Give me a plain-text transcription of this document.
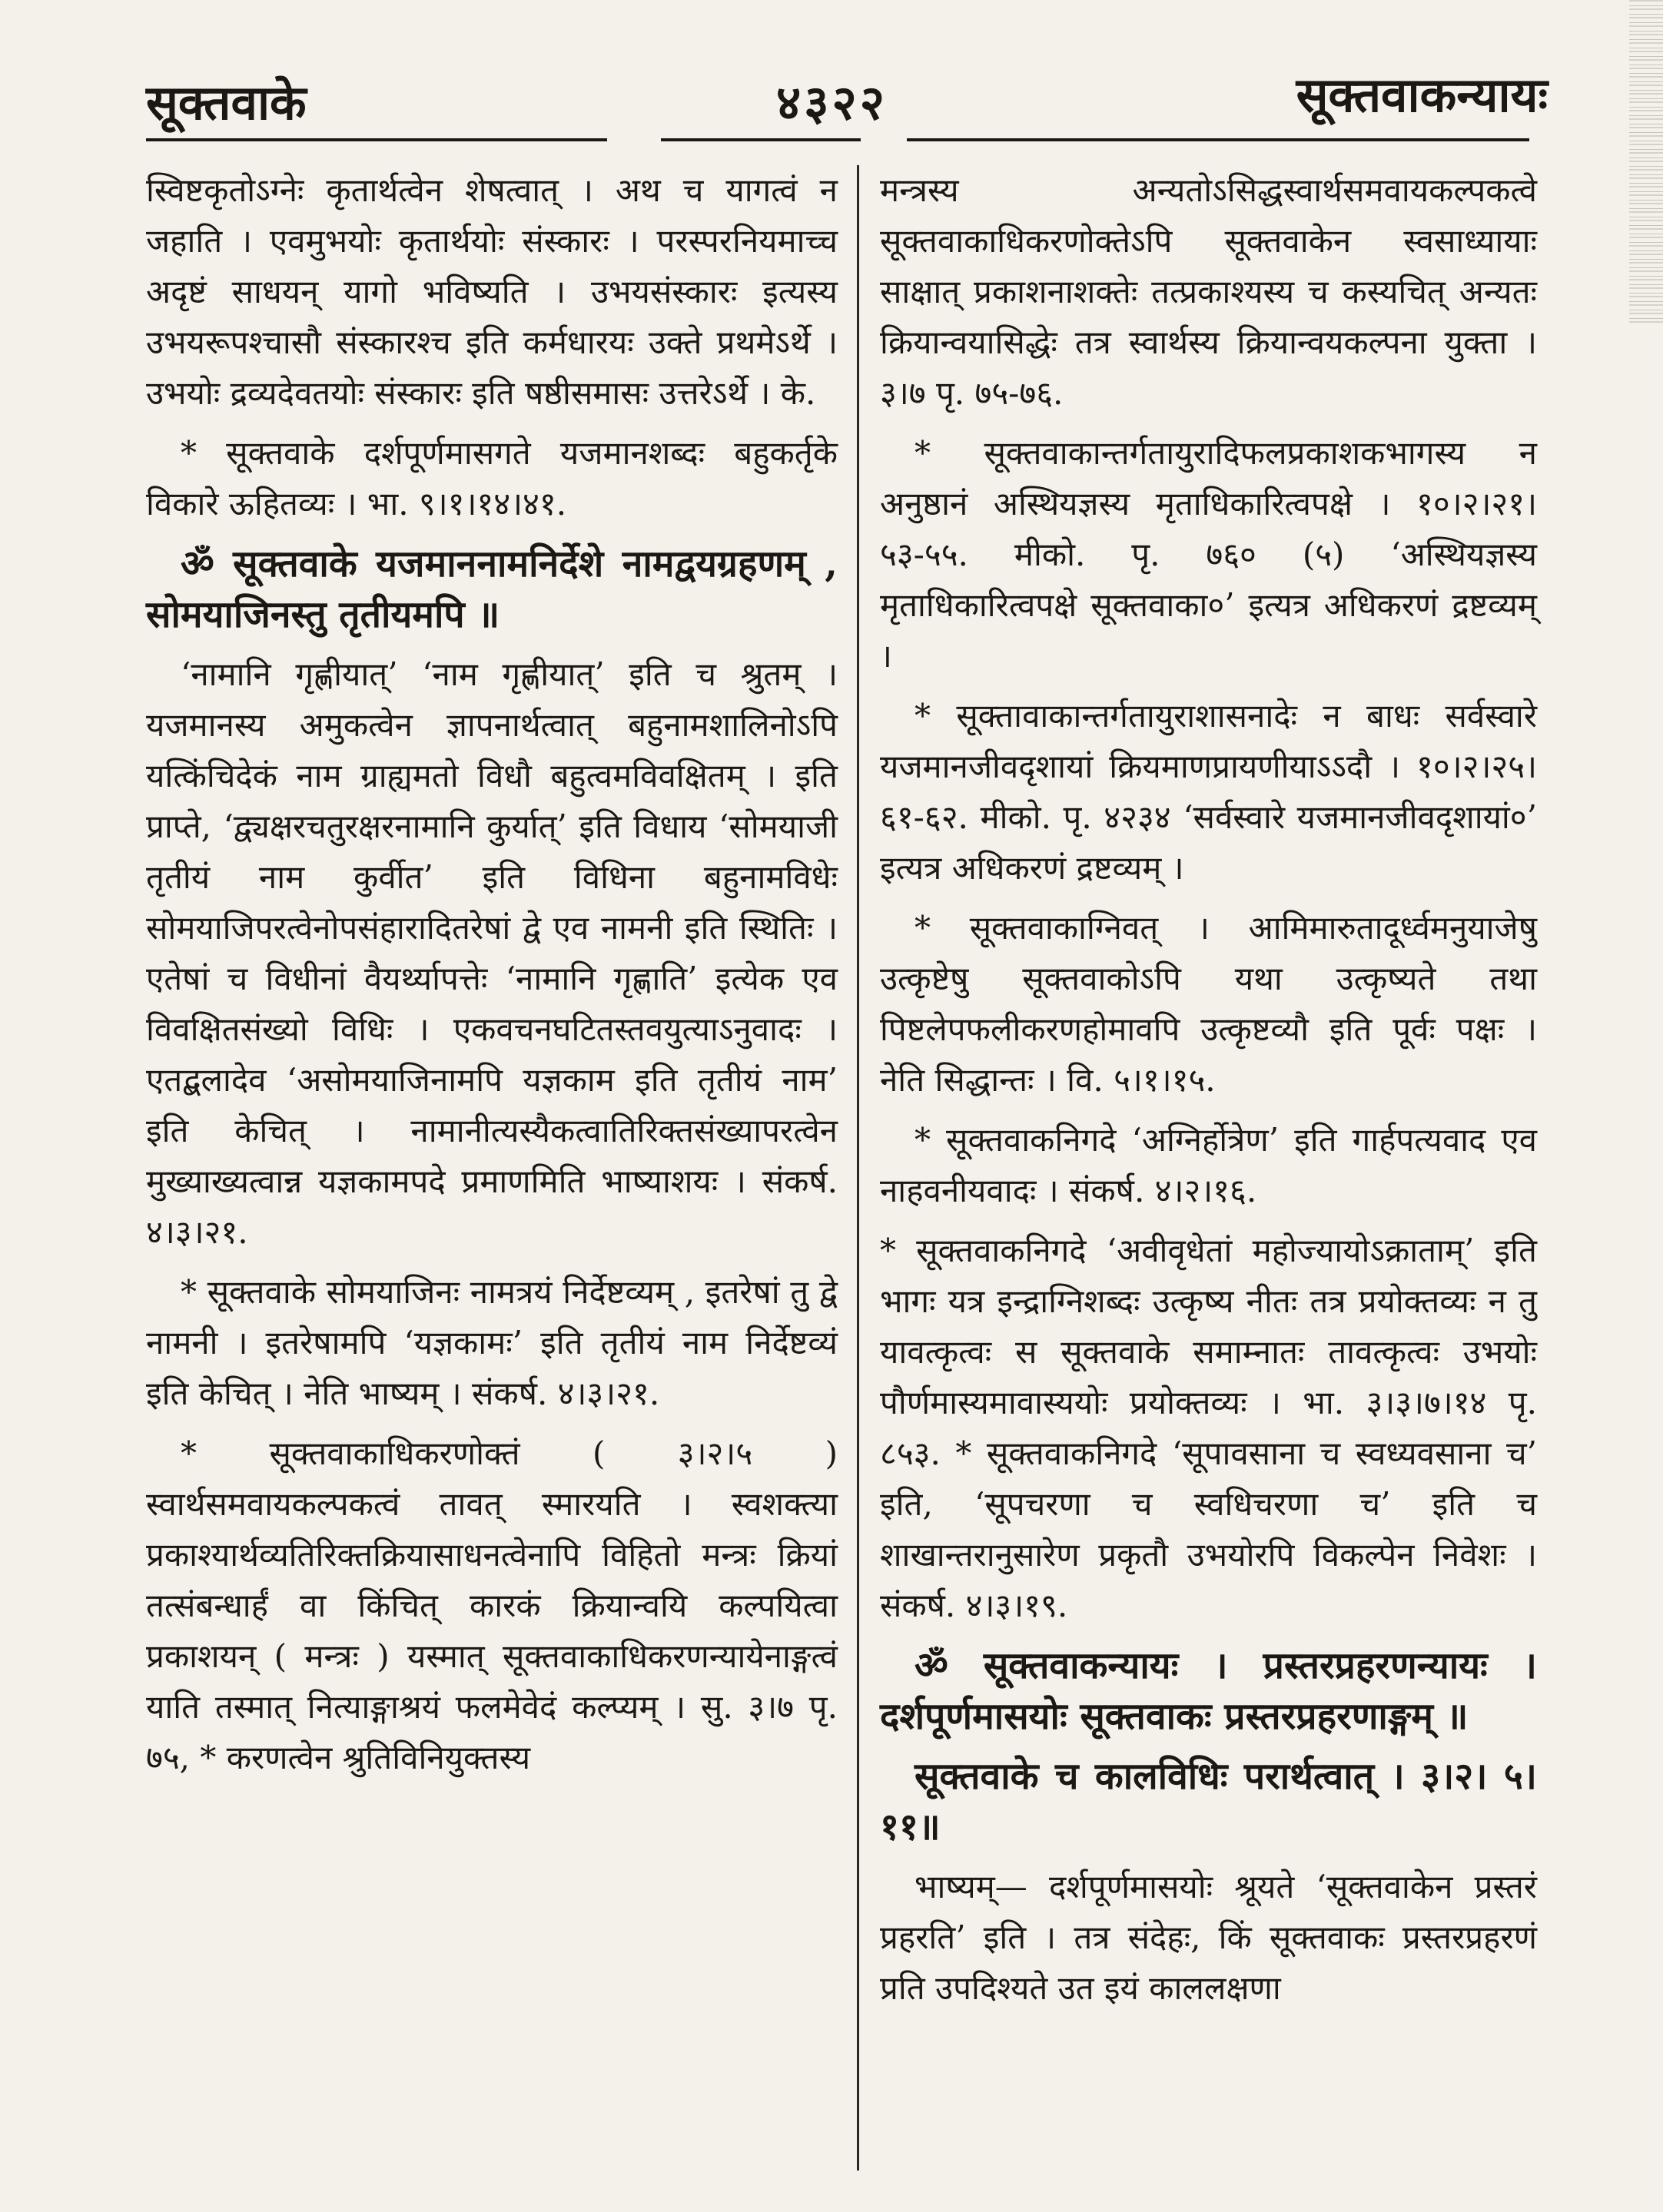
सूक्तवाके	४३२२	सूक्तवाकन्यायः

स्विष्टकृतोऽग्नेः कृतार्थत्वेन शेषत्वात् । अथ च यागत्वं न जहाति । एवमुभयोः कृतार्थयोः संस्कारः । परस्परनियमाच्च अदृष्टं साधयन् यागो भविष्यति । उभयसंस्कारः इत्यस्य उभयरूपश्चासौ संस्कारश्च इति कर्मधारयः उक्ते प्रथमेऽर्थे । उभयोः द्रव्यदेवतयोः संस्कारः इति षष्ठीसमासः उत्तरेऽर्थे । के.

* सूक्तवाके दर्शपूर्णमासगते यजमानशब्दः बहुकर्तृके विकारे ऊहितव्यः । भा. ९।१।१४।४१.

ॐ सूक्तवाके यजमाननामनिर्देशे नामद्वयग्रहणम् , सोमयाजिनस्तु तृतीयमपि ॥

‘नामानि गृह्णीयात्’ ‘नाम गृह्णीयात्’ इति च श्रुतम् । यजमानस्य अमुकत्वेन ज्ञापनार्थत्वात् बहुनामशालिनोऽपि यत्किंचिदेकं नाम ग्राह्यमतो विधौ बहुत्वमविवक्षितम् । इति प्राप्ते, ‘द्व्यक्षरचतुरक्षरनामानि कुर्यात्’ इति विधाय ‘सोमयाजी तृतीयं नाम कुर्वीत’ इति विधिना बहुनामविधेः सोमयाजिपरत्वेनोपसंहारादितरेषां द्वे एव नामनी इति स्थितिः । एतेषां च विधीनां वैयर्थ्यापत्तेः ‘नामानि गृह्णाति’ इत्येक एव विवक्षितसंख्यो विधिः । एकवचनघटितस्तवयुत्याऽनुवादः । एतद्बलादेव ‘असोमयाजिनामपि यज्ञकाम इति तृतीयं नाम’ इति केचित् । नामानीत्यस्यैकत्वातिरिक्तसंख्यापरत्वेन मुख्याख्यत्वान्न यज्ञकामपदे प्रमाणमिति भाष्याशयः । संकर्ष. ४।३।२१.

* सूक्तवाके सोमयाजिनः नामत्रयं निर्देष्टव्यम् , इतरेषां तु द्वे नामनी । इतरेषामपि ‘यज्ञकामः’ इति तृतीयं नाम निर्देष्टव्यं इति केचित् । नेति भाष्यम् । संकर्ष. ४।३।२१.

* सूक्तवाकाधिकरणोक्तं ( ३।२।५ ) स्वार्थसमवायकल्पकत्वं तावत् स्मारयति । स्वशक्त्या प्रकाश्यार्थव्यतिरिक्तक्रियासाधनत्वेनापि विहितो मन्त्रः क्रियां तत्संबन्धार्हं वा किंचित् कारकं क्रियान्वयि कल्पयित्वा प्रकाशयन् ( मन्त्रः ) यस्मात् सूक्तवाकाधिकरणन्यायेनाङ्गत्वं याति तस्मात् नित्याङ्गाश्रयं फलमेवेदं कल्प्यम् । सु. ३।७ पृ. ७५, * करणत्वेन श्रुतिविनियुक्तस्य

मन्त्रस्य अन्यतोऽसिद्धस्वार्थसमवायकल्पकत्वे सूक्तवाकाधिकरणोक्तेऽपि सूक्तवाकेन स्वसाध्यायाः साक्षात् प्रकाशनाशक्तेः तत्प्रकाश्यस्य च कस्यचित् अन्यतः क्रियान्वयासिद्धेः तत्र स्वार्थस्य क्रियान्वयकल्पना युक्ता । ३।७ पृ. ७५-७६.

* सूक्तवाकान्तर्गतायुरादिफलप्रकाशकभागस्य न अनुष्ठानं अस्थियज्ञस्य मृताधिकारित्वपक्षे । १०।२।२१। ५३-५५. मीको. पृ. ७६० (५) ‘अस्थियज्ञस्य मृताधिकारित्वपक्षे सूक्तवाका०’ इत्यत्र अधिकरणं द्रष्टव्यम् ।

* सूक्तावाकान्तर्गतायुराशासनादेः न बाधः सर्वस्वारे यजमानजीवदृशायां क्रियमाणप्रायणीयाऽऽदौ । १०।२।२५।६१-६२. मीको. पृ. ४२३४ ‘सर्वस्वारे यजमानजीवदृशायां०’ इत्यत्र अधिकरणं द्रष्टव्यम् ।

* सूक्तवाकाग्निवत् । आमिमारुतादूर्ध्वमनुयाजेषु उत्कृष्टेषु सूक्तवाकोऽपि यथा उत्कृष्यते तथा पिष्टलेपफलीकरणहोमावपि उत्कृष्टव्यौ इति पूर्वः पक्षः । नेति सिद्धान्तः । वि. ५।१।१५.

* सूक्तवाकनिगदे ‘अग्निर्होत्रेण’ इति गार्हपत्यवाद एव नाहवनीयवादः । संकर्ष. ४।२।१६.

* सूक्तवाकनिगदे ‘अवीवृधेतां महोज्यायोऽक्राताम्’ इति भागः यत्र इन्द्राग्निशब्दः उत्कृष्य नीतः तत्र प्रयोक्तव्यः न तु यावत्कृत्वः स सूक्तवाके समाम्नातः तावत्कृत्वः उभयोः पौर्णमास्यमावास्ययोः प्रयोक्तव्यः । भा. ३।३।७।१४ पृ. ८५३. * सूक्तवाकनिगदे ‘सूपावसाना च स्वध्यवसाना च’ इति, ‘सूपचरणा च स्वधिचरणा च’ इति च शाखान्तरानुसारेण प्रकृतौ उभयोरपि विकल्पेन निवेशः । संकर्ष. ४।३।१९.

ॐ सूक्तवाकन्यायः । प्रस्तरप्रहरणन्यायः । दर्शपूर्णमासयोः सूक्तवाकः प्रस्तरप्रहरणाङ्गम् ॥

सूक्तवाके च कालविधिः परार्थत्वात् । ३।२। ५।११॥

भाष्यम्— दर्शपूर्णमासयोः श्रूयते ‘सूक्तवाकेन प्रस्तरं प्रहरति’ इति । तत्र संदेहः, किं सूक्तवाकः प्रस्तरप्रहरणं प्रति उपदिश्यते उत इयं काललक्षणा
